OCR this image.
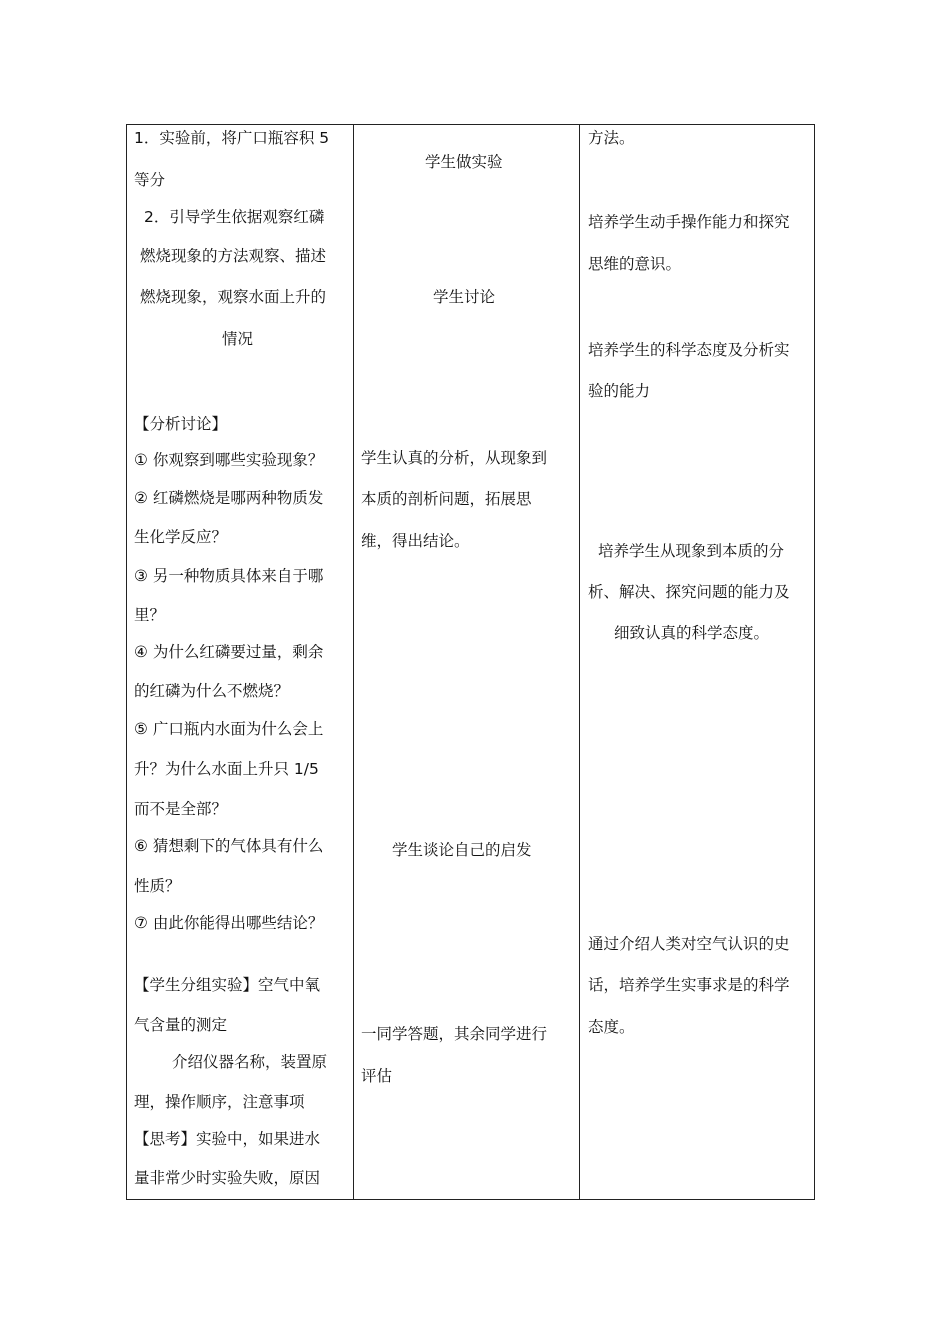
1．实验前，将广口瓶容积 5
等分
2．引导学生依据观察红磷
燃烧现象的方法观察、描述
燃烧现象，观察水面上升的
情况
【分析讨论】
① 你观察到哪些实验现象？
② 红磷燃烧是哪两种物质发
生化学反应？
③ 另一种物质具体来自于哪
里？
④ 为什么红磷要过量，剩余
的红磷为什么不燃烧？
⑤ 广口瓶内水面为什么会上
升？为什么水面上升只 1/5
而不是全部？
⑥ 猜想剩下的气体具有什么
性质？
⑦ 由此你能得出哪些结论？
【学生分组实验】空气中氧
气含量的测定
介绍仪器名称，装置原
理，操作顺序，注意事项
【思考】实验中，如果进水
量非常少时实验失败，原因
学生做实验
学生讨论
学生认真的分析，从现象到
本质的剖析问题，拓展思
维，得出结论。
学生谈论自己的启发
一同学答题，其余同学进行
评估
方法。
培养学生动手操作能力和探究
思维的意识。
培养学生的科学态度及分析实
验的能力
培养学生从现象到本质的分
析、解决、探究问题的能力及
细致认真的科学态度。
通过介绍人类对空气认识的史
话，培养学生实事求是的科学
态度。
